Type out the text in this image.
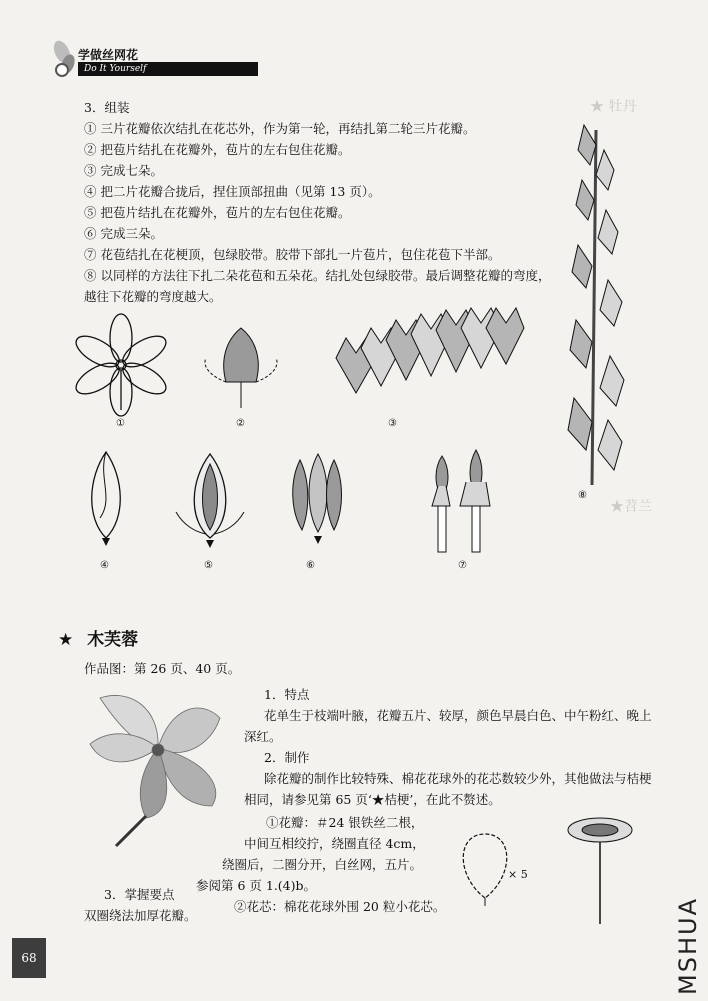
★ 牡丹
★苕兰
学做丝网花
Do It Yourself
3．组装
① 三片花瓣依次结扎在花芯外，作为第一轮，再结扎第二轮三片花瓣。
② 把苞片结扎在花瓣外，苞片的左右包住花瓣。
③ 完成七朵。
④ 把二片花瓣合拢后，捏住顶部扭曲（见第 13 页）。
⑤ 把苞片结扎在花瓣外，苞片的左右包住花瓣。
⑥ 完成三朵。
⑦ 花苞结扎在花梗顶，包绿胶带。胶带下部扎一片苞片，包住花苞下半部。
⑧ 以同样的方法往下扎二朵花苞和五朵花。结扎处包绿胶带。最后调整花瓣的弯度，
越往下花瓣的弯度越大。
①	②	③
⑧
④	⑤	⑥	⑦
★ 木芙蓉
作品图：第 26 页、40 页。
1．特点
花单生于枝端叶腋，花瓣五片、较厚，颜色早晨白色、中午粉红、晚上
深红。
2．制作
除花瓣的制作比较特殊、棉花花球外的花芯数较少外，其他做法与桔梗
相同，请参见第 65 页‘★桔梗’，在此不赘述。
①花瓣：＃24 银铁丝二根，
中间互相绞拧，绕圈直径 4cm，
绕圈后，二圈分开，白丝网，五片。
参阅第 6 页 1.(4)b。
②花芯：棉花花球外围 20 粒小花芯。
3．掌握要点
双圈绕法加厚花瓣。
× 5
68	MSHUA
